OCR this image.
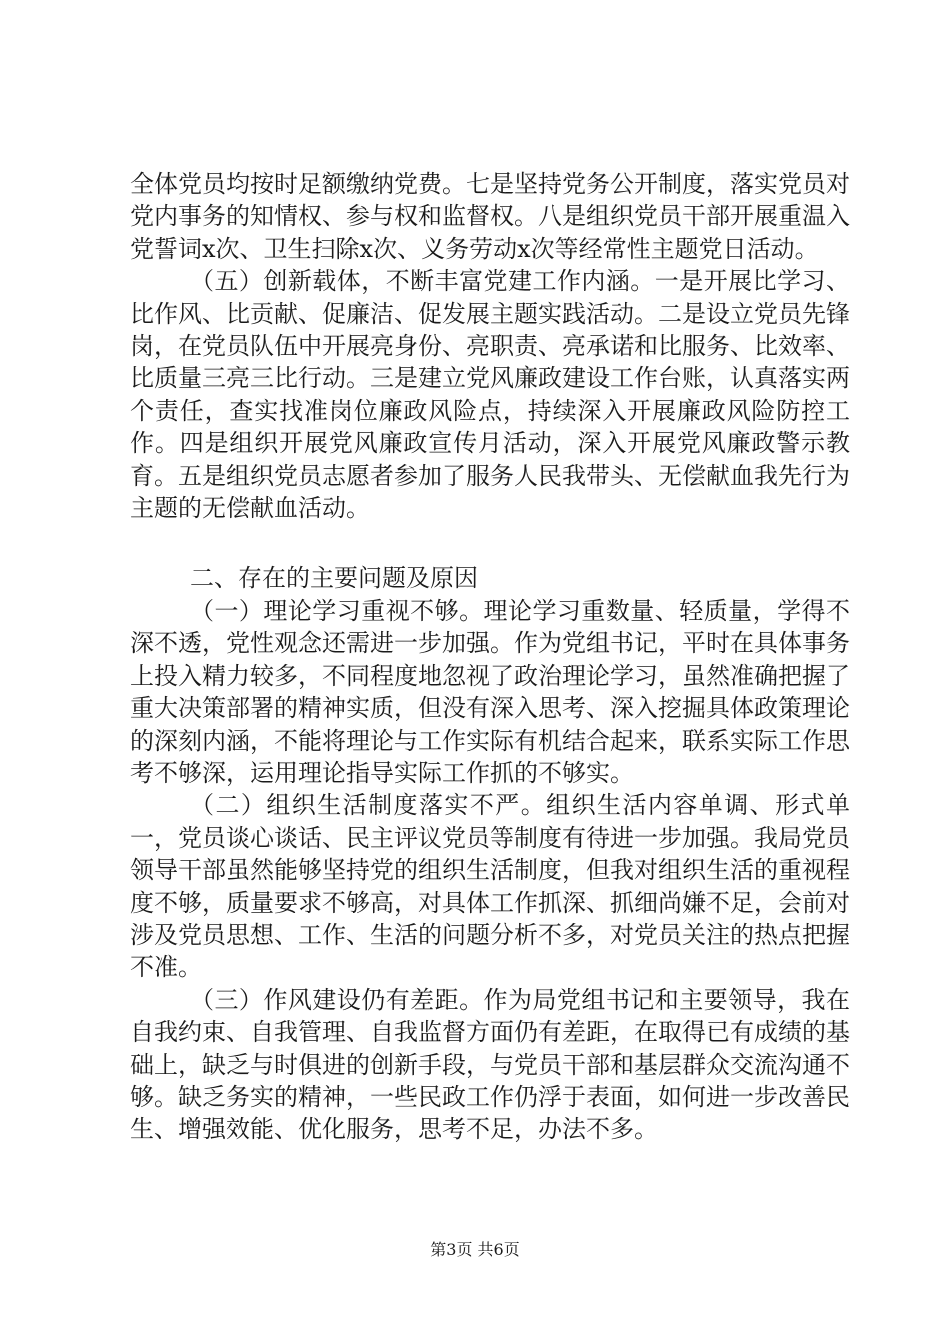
全体党员均按时足额缴纳党费。七是坚持党务公开制度，落实党员对党内事务的知情权、参与权和监督权。八是组织党员干部开展重温入党誓词x次、卫生扫除x次、义务劳动x次等经常性主题党日活动。

（五）创新载体，不断丰富党建工作内涵。一是开展比学习、比作风、比贡献、促廉洁、促发展主题实践活动。二是设立党员先锋岗，在党员队伍中开展亮身份、亮职责、亮承诺和比服务、比效率、比质量三亮三比行动。三是建立党风廉政建设工作台账，认真落实两个责任，查实找准岗位廉政风险点，持续深入开展廉政风险防控工作。四是组织开展党风廉政宣传月活动，深入开展党风廉政警示教育。五是组织党员志愿者参加了服务人民我带头、无偿献血我先行为主题的无偿献血活动。

二、存在的主要问题及原因

（一）理论学习重视不够。理论学习重数量、轻质量，学得不深不透，党性观念还需进一步加强。作为党组书记，平时在具体事务上投入精力较多，不同程度地忽视了政治理论学习，虽然准确把握了重大决策部署的精神实质，但没有深入思考、深入挖掘具体政策理论的深刻内涵，不能将理论与工作实际有机结合起来，联系实际工作思考不够深，运用理论指导实际工作抓的不够实。

（二）组织生活制度落实不严。组织生活内容单调、形式单一，党员谈心谈话、民主评议党员等制度有待进一步加强。我局党员领导干部虽然能够坚持党的组织生活制度，但我对组织生活的重视程度不够，质量要求不够高，对具体工作抓深、抓细尚嫌不足，会前对涉及党员思想、工作、生活的问题分析不多，对党员关注的热点把握不准。

（三）作风建设仍有差距。作为局党组书记和主要领导，我在自我约束、自我管理、自我监督方面仍有差距，在取得已有成绩的基础上，缺乏与时俱进的创新手段，与党员干部和基层群众交流沟通不够。缺乏务实的精神，一些民政工作仍浮于表面，如何进一步改善民生、增强效能、优化服务，思考不足，办法不多。

第3页 共6页
